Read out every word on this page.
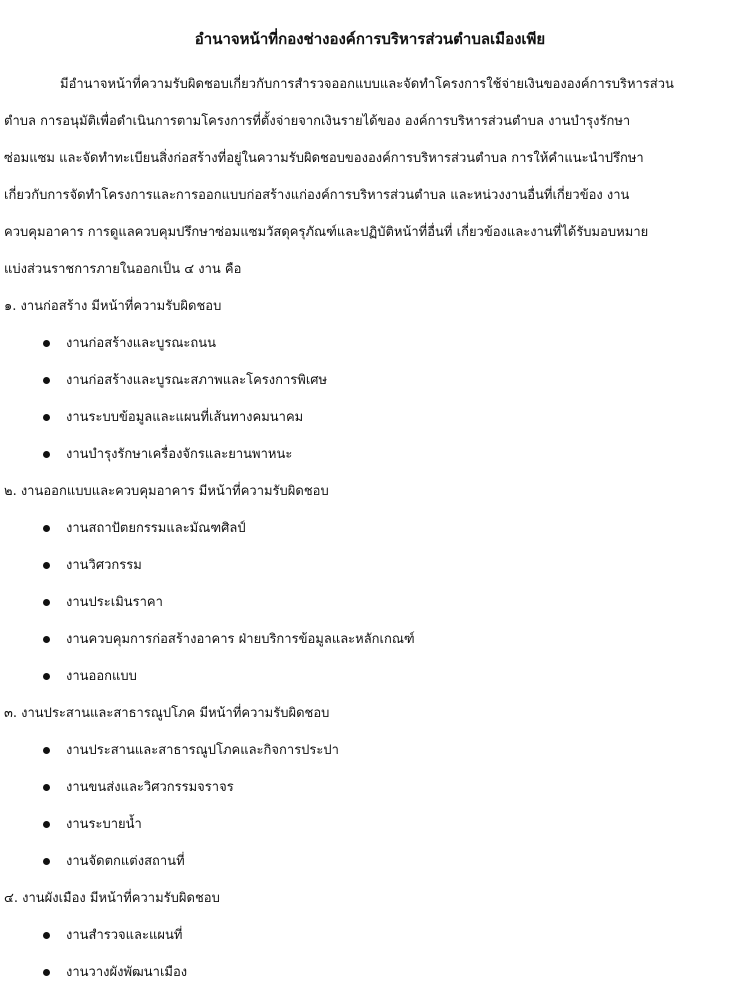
อำนาจหน้าที่กองช่างองค์การบริหารส่วนตำบลเมืองเพีย
มีอำนาจหน้าที่ความรับผิดชอบเกี่ยวกับการสำรวจออกแบบและจัดทำโครงการใช้จ่ายเงินขององค์การบริหารส่วน
ตำบล การอนุมัติเพื่อดำเนินการตามโครงการที่ตั้งจ่ายจากเงินรายได้ของ องค์การบริหารส่วนตำบล งานบำรุงรักษา
ซ่อมแซม และจัดทำทะเบียนสิ่งก่อสร้างที่อยู่ในความรับผิดชอบขององค์การบริหารส่วนตำบล การให้คำแนะนำปรึกษา
เกี่ยวกับการจัดทำโครงการและการออกแบบก่อสร้างแก่องค์การบริหารส่วนตำบล และหน่วงงานอื่นที่เกี่ยวข้อง งาน
ควบคุมอาคาร การดูแลควบคุมปรึกษาซ่อมแซมวัสดุครุภัณฑ์และปฏิบัติหน้าที่อื่นที่ เกี่ยวข้องและงานที่ได้รับมอบหมาย
แบ่งส่วนราชการภายในออกเป็น ๔ งาน คือ
๑. งานก่อสร้าง มีหน้าที่ความรับผิดชอบ
งานก่อสร้างและบูรณะถนน
งานก่อสร้างและบูรณะสภาพและโครงการพิเศษ
งานระบบข้อมูลและแผนที่เส้นทางคมนาคม
งานบำรุงรักษาเครื่องจักรและยานพาหนะ
๒. งานออกแบบและควบคุมอาคาร มีหน้าที่ความรับผิดชอบ
งานสถาปัตยกรรมและมัณฑศิลป์
งานวิศวกรรม
งานประเมินราคา
งานควบคุมการก่อสร้างอาคาร ฝ่ายบริการข้อมูลและหลักเกณฑ์
งานออกแบบ
๓. งานประสานและสาธารณูปโภค มีหน้าที่ความรับผิดชอบ
งานประสานและสาธารณูปโภคและกิจการประปา
งานขนส่งและวิศวกรรมจราจร
งานระบายน้ำ
งานจัดตกแต่งสถานที่
๔. งานผังเมือง มีหน้าที่ความรับผิดชอบ
งานสำรวจและแผนที่
งานวางผังพัฒนาเมือง
